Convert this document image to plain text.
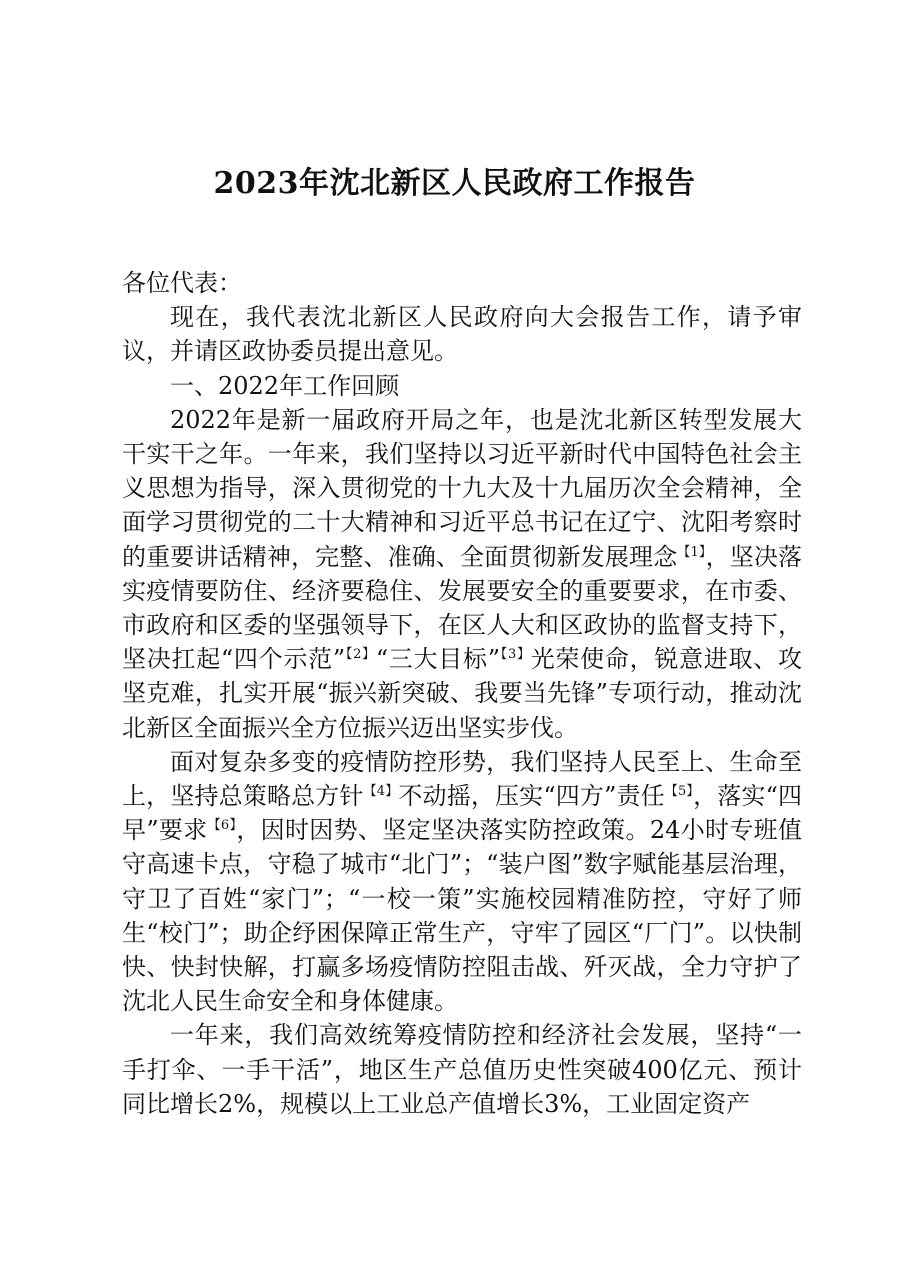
2023年沈北新区人民政府工作报告

各位代表：

现在，我代表沈北新区人民政府向大会报告工作，请予审议，并请区政协委员提出意见。

一、2022年工作回顾

2022年是新一届政府开局之年，也是沈北新区转型发展大干实干之年。一年来，我们坚持以习近平新时代中国特色社会主义思想为指导，深入贯彻党的十九大及十九届历次全会精神，全面学习贯彻党的二十大精神和习近平总书记在辽宁、沈阳考察时的重要讲话精神，完整、准确、全面贯彻新发展理念$^{【1】}$，坚决落实疫情要防住、经济要稳住、发展要安全的重要要求，在市委、市政府和区委的坚强领导下，在区人大和区政协的监督支持下，坚决扛起“四个示范”$^{【2】}$“三大目标”$^{【3】}$光荣使命，锐意进取、攻坚克难，扎实开展“振兴新突破、我要当先锋”专项行动，推动沈北新区全面振兴全方位振兴迈出坚实步伐。

面对复杂多变的疫情防控形势，我们坚持人民至上、生命至上，坚持总策略总方针$^{【4】}$不动摇，压实“四方”责任$^{【5】}$，落实“四早”要求$^{【6】}$，因时因势、坚定坚决落实防控政策。24小时专班值守高速卡点，守稳了城市“北门”；“装户图”数字赋能基层治理，守卫了百姓“家门”；“一校一策”实施校园精准防控，守好了师生“校门”；助企纾困保障正常生产，守牢了园区“厂门”。以快制快、快封快解，打赢多场疫情防控阻击战、歼灭战，全力守护了沈北人民生命安全和身体健康。

一年来，我们高效统筹疫情防控和经济社会发展，坚持“一手打伞、一手干活”，地区生产总值历史性突破400亿元、预计同比增长2%，规模以上工业总产值增长3%，工业固定资产
